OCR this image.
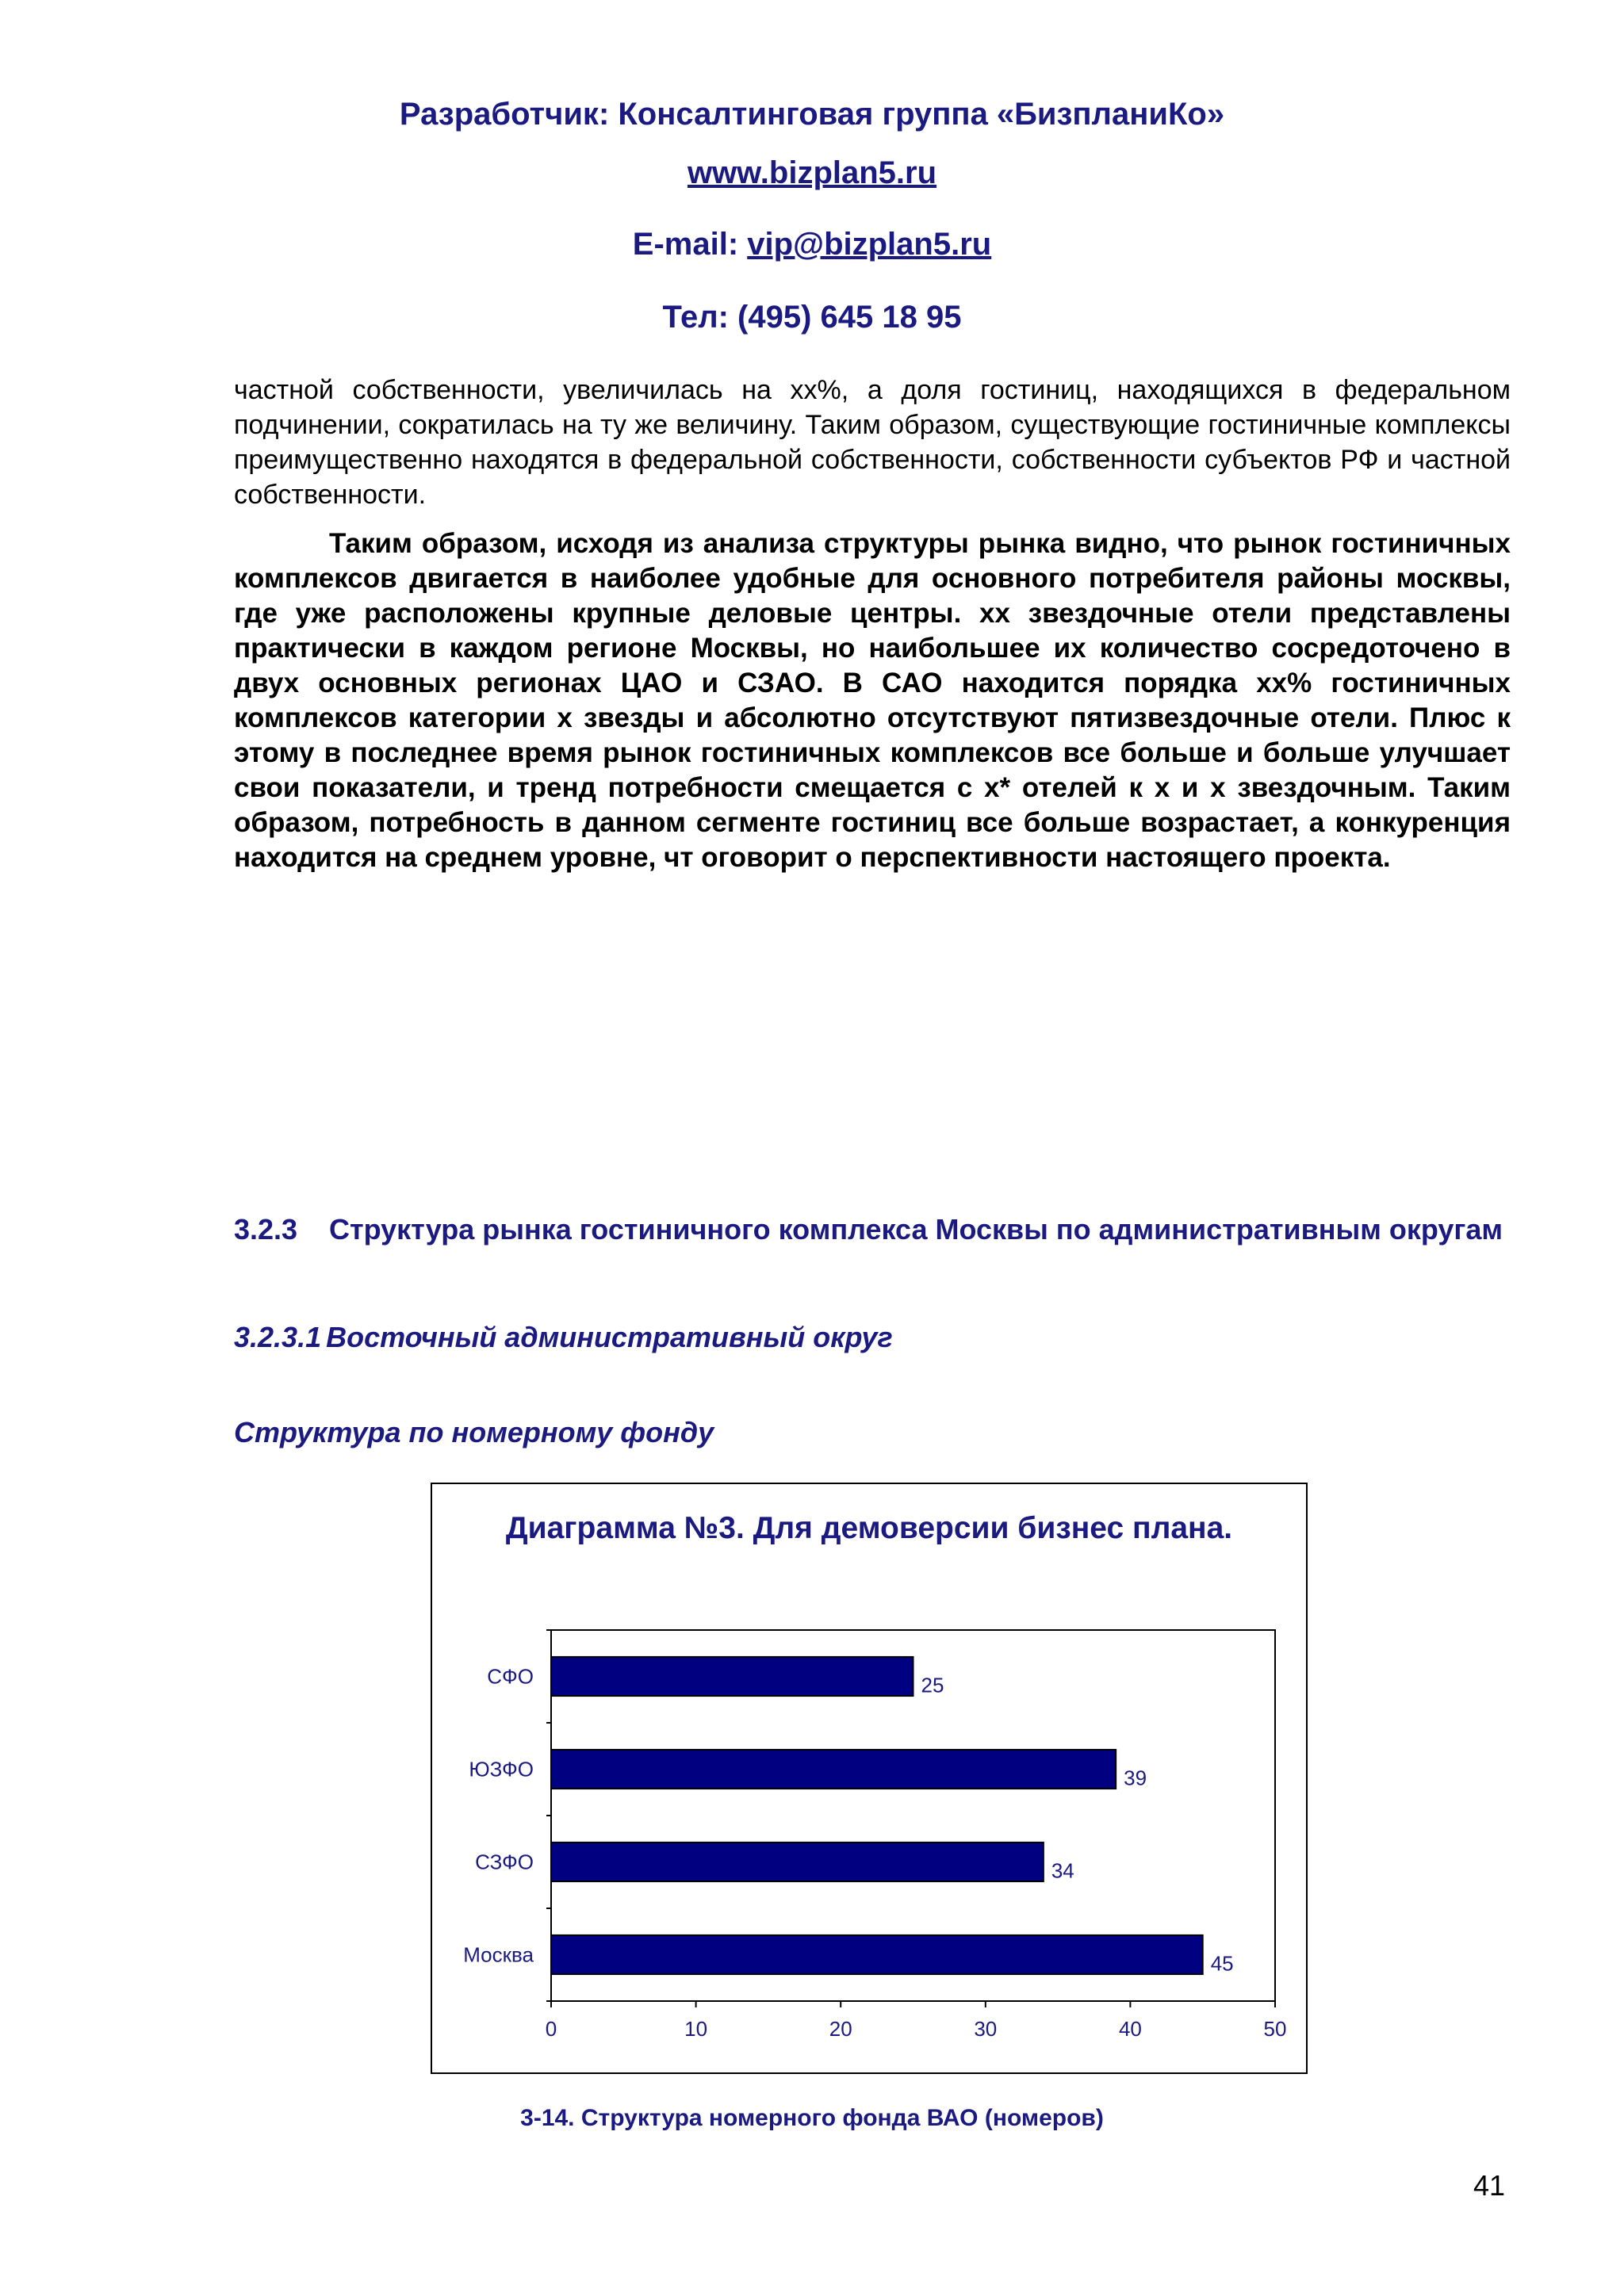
Разработчик: Консалтинговая группа «БизпланиКо»
www.bizplan5.ru
E-mail: vip@bizplan5.ru
Тел: (495) 645 18 95
частной собственности, увеличилась на хх%, а доля гостиниц, находящихся в федеральном подчинении, сократилась на ту же величину. Таким образом, существующие гостиничные комплексы преимущественно находятся в федеральной собственности, собственности субъектов РФ и частной собственности.
Таким образом, исходя из анализа структуры рынка видно, что рынок гостиничных комплексов двигается в наиболее удобные для основного потребителя районы москвы, где уже расположены крупные деловые центры. хх звездочные отели представлены практически в каждом регионе Москвы, но наибольшее их количество сосредоточено в двух основных регионах ЦАО и СЗАО. В САО находится порядка хх% гостиничных комплексов категории х звезды и абсолютно отсутствуют пятизвездочные отели. Плюс к этому в последнее время рынок гостиничных комплексов все больше и больше улучшает свои показатели, и тренд потребности смещается с х* отелей к х и х звездочным. Таким образом, потребность в данном сегменте гостиниц все больше возрастает, а конкуренция находится на среднем уровне, чт оговорит о перспективности настоящего проекта.
3.2.3 Структура рынка гостиничного комплекса Москвы по административным округам
3.2.3.1 Восточный административный округ
Структура по номерному фонду
Диаграмма №3. Для демоверсии бизнес плана.
СФО	25
ЮЗФО	39
СЗФО	34
Москва	45
0	10	20	30	40	50
3-14. Структура номерного фонда ВАО (номеров)
41
